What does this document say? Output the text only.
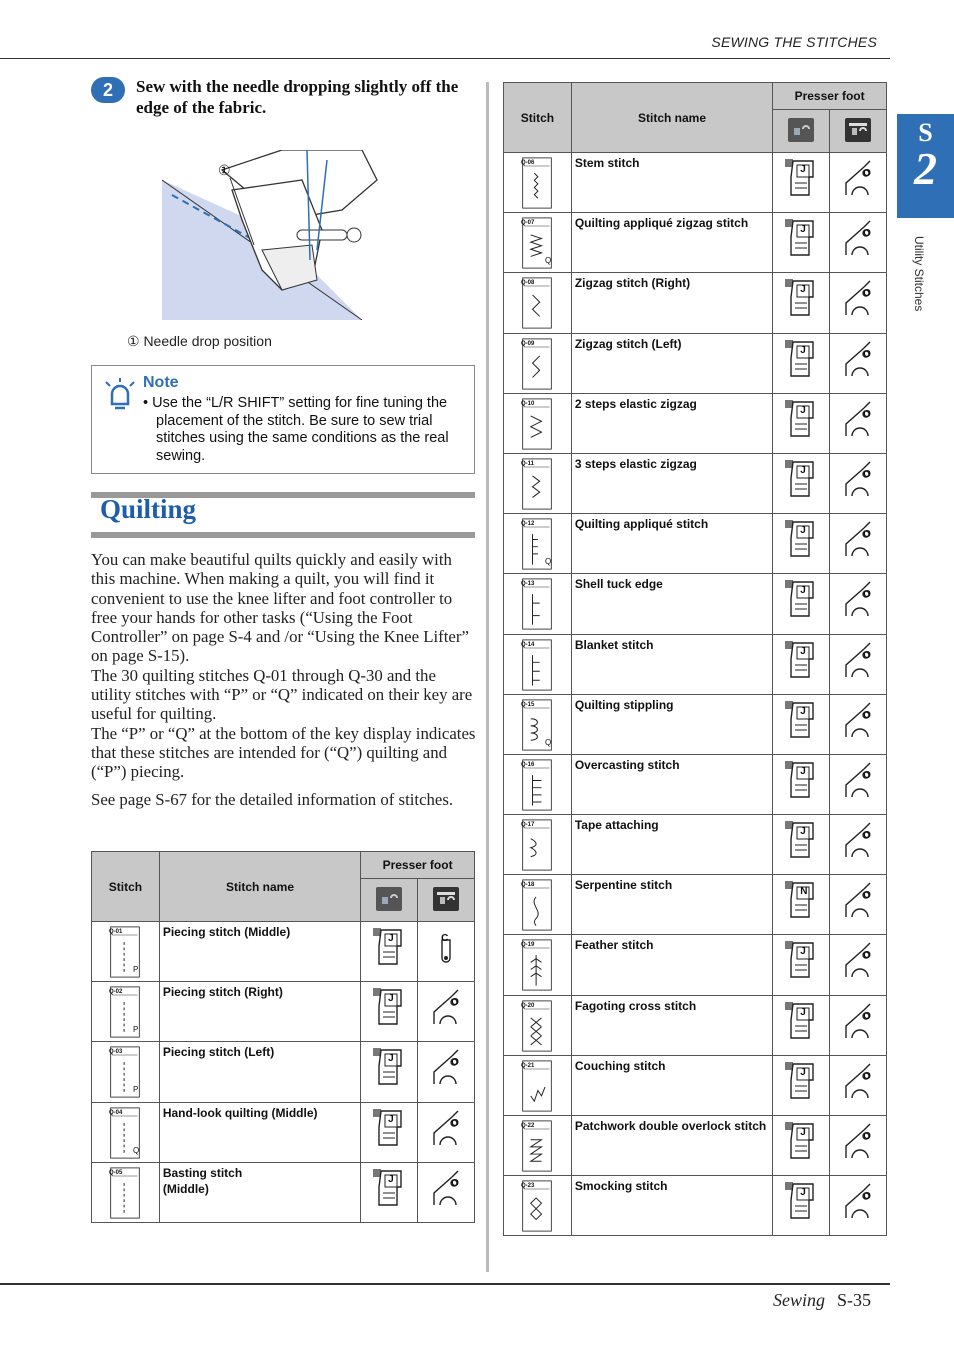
SEWING THE STITCHES
S
2
Utility Stitches
2	Sew with the needle dropping slightly off the edge of the fabric.
①
① Needle drop position
Note
• Use the “L/R SHIFT” setting for fine tuning the placement of the stitch. Be sure to sew trial stitches using the same conditions as the real sewing.
Quilting

You can make beautiful quilts quickly and easily with this machine. When making a quilt, you will find it convenient to use the knee lifter and foot controller to free your hands for other tasks (“Using the Foot Controller” on page S-4 and /or “Using the Knee Lifter” on page S-15).
The 30 quilting stitches Q-01 through Q-30 and the utility stitches with “P” or “Q” indicated on their key are useful for quilting.
The “P” or “Q” at the bottom of the key display indicates that these stitches are intended for (“Q”) quilting and (“P”) piecing.

See page S-67 for the detailed information of stitches.

Stitch	Stitch name	Presser foot	

Q-01
P	Piecing stitch (Middle)	J	C

Q-02
P	Piecing stitch (Right)	J	O

Q-03
P	Piecing stitch (Left)	J	O

Q-04
Q	Hand-look quilting (Middle)	J	O

Q-05	Basting stitch
(Middle)	J	O
Stitch	Stitch name	Presser foot	

Q-06	Stem stitch	J	O

Q-07
Q	Quilting appliqué zigzag stitch	J	O

Q-08	Zigzag stitch (Right)	J	O

Q-09	Zigzag stitch (Left)	J	O

Q-10	2 steps elastic zigzag	J	O

Q-11	3 steps elastic zigzag	J	O

Q-12
Q	Quilting appliqué stitch	J	O

Q-13	Shell tuck edge	J	O

Q-14	Blanket stitch	J	O

Q-15
Q	Quilting stippling	J	O

Q-16	Overcasting stitch	J	O

Q-17	Tape attaching	J	O

Q-18	Serpentine stitch	N	O

Q-19	Feather stitch	J	O

Q-20	Fagoting cross stitch	J	O

Q-21	Couching stitch	J	O

Q-22	Patchwork double overlock stitch	J	O

Q-23	Smocking stitch	J	O
Sewing S-35
